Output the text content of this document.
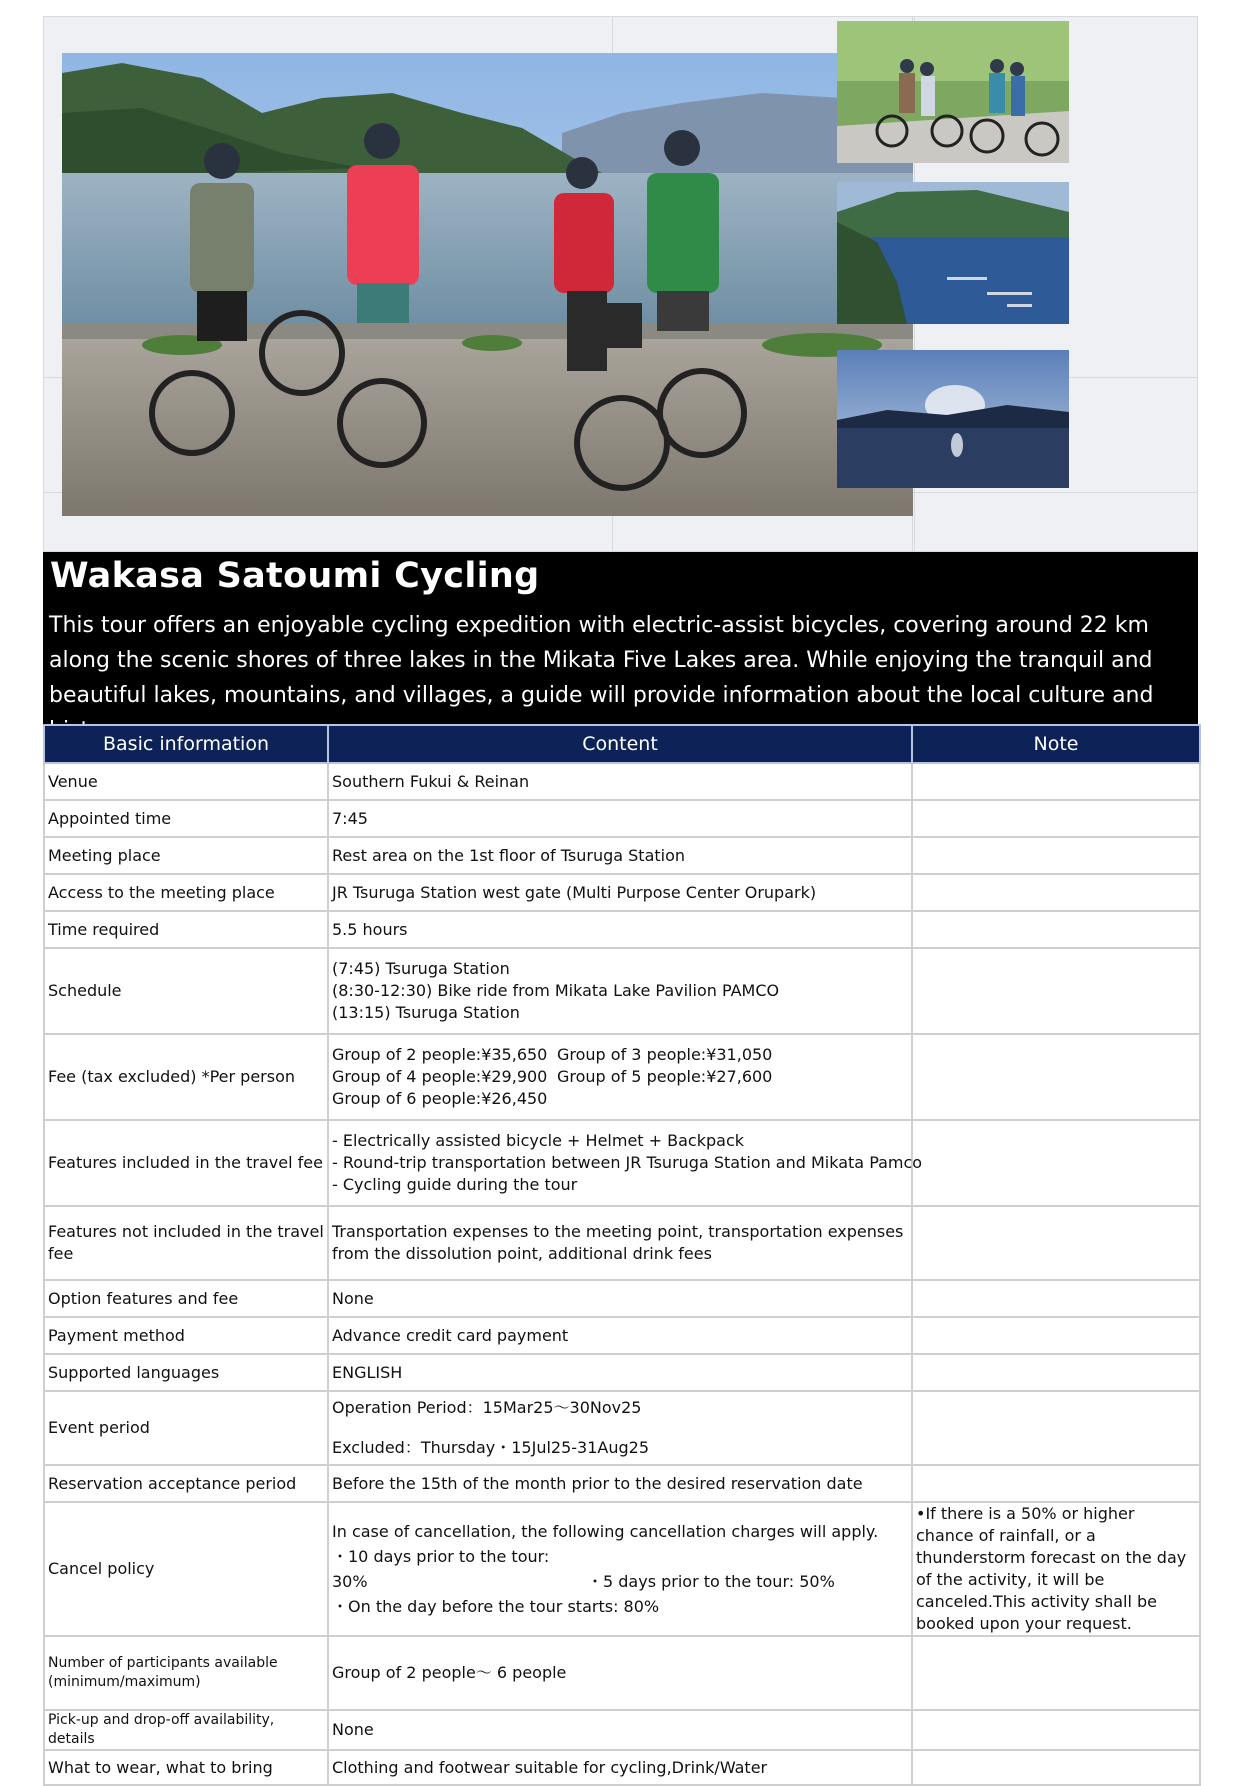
Wakasa Satoumi Cycling

This tour offers an enjoyable cycling expedition with electric-assist bicycles, covering around 22 km along the scenic shores of three lakes in the Mikata Five Lakes area. While enjoying the tranquil and beautiful lakes, mountains, and villages, a guide will provide information about the local culture and

Basic information	Content	Note
Venue	Southern Fukui & Reinan	
Appointed time	7:45	
Meeting place	Rest area on the 1st floor of Tsuruga Station	
Access to the meeting place	JR Tsuruga Station west gate (Multi Purpose Center Orupark)	
Time required	5.5 hours	
Schedule	(7:45) Tsuruga Station
(8:30-12:30) Bike ride from Mikata Lake Pavilion PAMCO
(13:15) Tsuruga Station	

Fee (tax excluded) *Per person	Group of 2 people:¥35,650 Group of 3 people:¥31,050
Group of 4 people:¥29,900 Group of 5 people:¥27,600
Group of 6 people:¥26,450	

Features included in the travel fee	- Electrically assisted bicycle + Helmet + Backpack
- Round-trip transportation between JR Tsuruga Station and Mikata Pamco
- Cycling guide during the tour	

Features not included in the travel fee	Transportation expenses to the meeting point, transportation expenses from the dissolution point, additional drink fees	
Option features and fee	None	
Payment method	Advance credit card payment	
Supported languages	ENGLISH	
Event period	Operation Period：15Mar25～30Nov25
Excluded：Thursday・15Jul25-31Aug25	

Reservation acceptance period	Before the 15th of the month prior to the desired reservation date	
Cancel policy	In case of cancellation, the following cancellation charges will apply.
・10 days prior to the tour: 30% ・5 days prior to the tour: 50%
・On the day before the tour starts: 80%	•If there is a 50% or higher chance of rainfall, or a thunderstorm forecast on the day of the activity, it will be canceled.This activity shall be booked upon your request.
Number of participants available (minimum/maximum)	Group of 2 people～ 6 people	
Pick-up and drop-off availability, details	None	
What to wear, what to bring	Clothing and footwear suitable for cycling,Drink/Water	
